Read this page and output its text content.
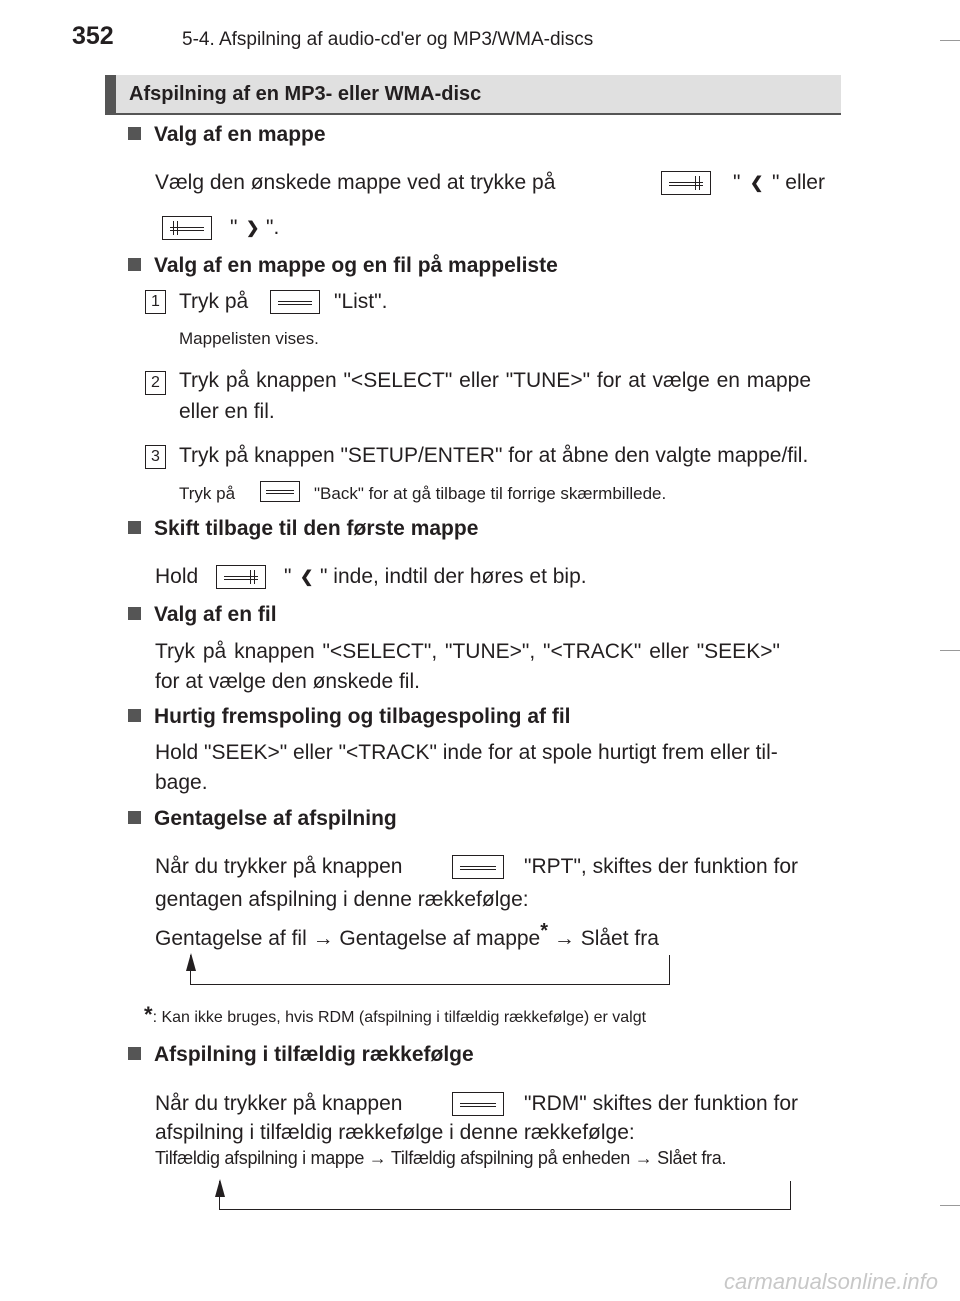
352	5-4. Afspilning af audio-cd'er og MP3/WMA-discs
Afspilning af en MP3- eller WMA-disc
Valg af en mappe
Vælg den ønskede mappe ved at trykke på	" ❮ " eller
" ❯ ".
Valg af en mappe og en fil på mappeliste
1 Tryk på	"List".
Mappelisten vises.
2 Tryk på knappen "<SELECT" eller "TUNE>" for at vælge en mappe
eller en fil.
3 Tryk på knappen "SETUP/ENTER" for at åbne den valgte mappe/fil.
Tryk på	"Back" for at gå tilbage til forrige skærmbillede.
Skift tilbage til den første mappe
Hold	" ❮ " inde, indtil der høres et bip.
Valg af en fil
Tryk på knappen "<SELECT", "TUNE>", "<TRACK" eller "SEEK>"
for at vælge den ønskede fil.
Hurtig fremspoling og tilbagespoling af fil
Hold "SEEK>" eller "<TRACK" inde for at spole hurtigt frem eller til-
bage.
Gentagelse af afspilning
Når du trykker på knappen	"RPT", skiftes der funktion for
gentagen afspilning i denne rækkefølge:
Gentagelse af fil → Gentagelse af mappe* → Slået fra
*: Kan ikke bruges, hvis RDM (afspilning i tilfældig rækkefølge) er valgt
Afspilning i tilfældig rækkefølge
Når du trykker på knappen	"RDM" skiftes der funktion for
afspilning i tilfældig rækkefølge i denne rækkefølge:
Tilfældig afspilning i mappe → Tilfældig afspilning på enheden → Slået fra.
carmanualsonline.info
